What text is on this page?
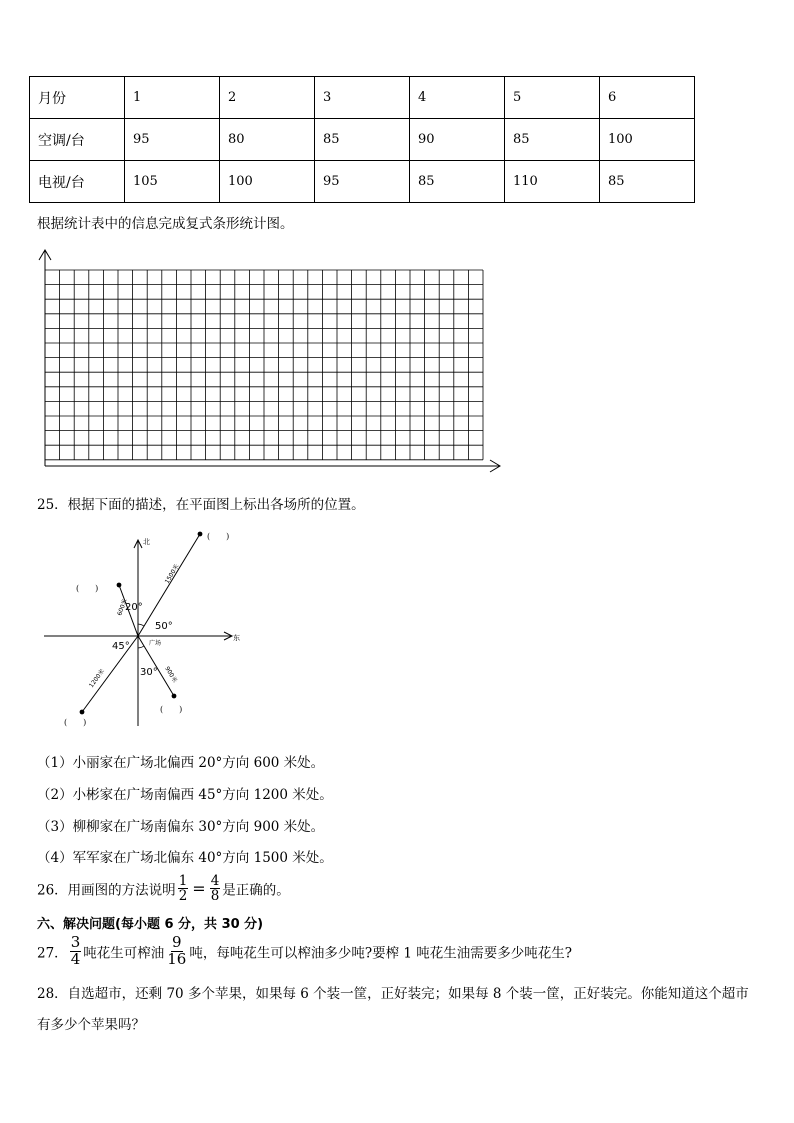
月份	1	2	3	4	5	6
空调/台	95	80	85	90	85	100
电视/台	105	100	95	85	110	85
根据统计表中的信息完成复式条形统计图。
25．根据下面的描述，在平面图上标出各场所的位置。
北
东
20°
50°
45°
30°
广场
1500米
600米
1200米	900米
(　　)
(　　)
(　　)
(　　)
（1）小丽家在广场北偏西 20°方向 600 米处。
（2）小彬家在广场南偏西 45°方向 1200 米处。
（3）柳柳家在广场南偏东 30°方向 900 米处。
（4）军军家在广场北偏东 40°方向 1500 米处。
26．用画图的方法说明 $\frac{1}{2} = \frac{4}{8}$ 是正确的。
六、解决问题(每小题 6 分，共 30 分)
27． $\frac{3}{4}$ 吨花生可榨油 $\frac{9}{16}$ 吨，每吨花生可以榨油多少吨?要榨 1 吨花生油需要多少吨花生?
28．自选超市，还剩 70 多个苹果，如果每 6 个装一筐，正好装完；如果每 8 个装一筐，正好装完。你能知道这个超市
有多少个苹果吗？
